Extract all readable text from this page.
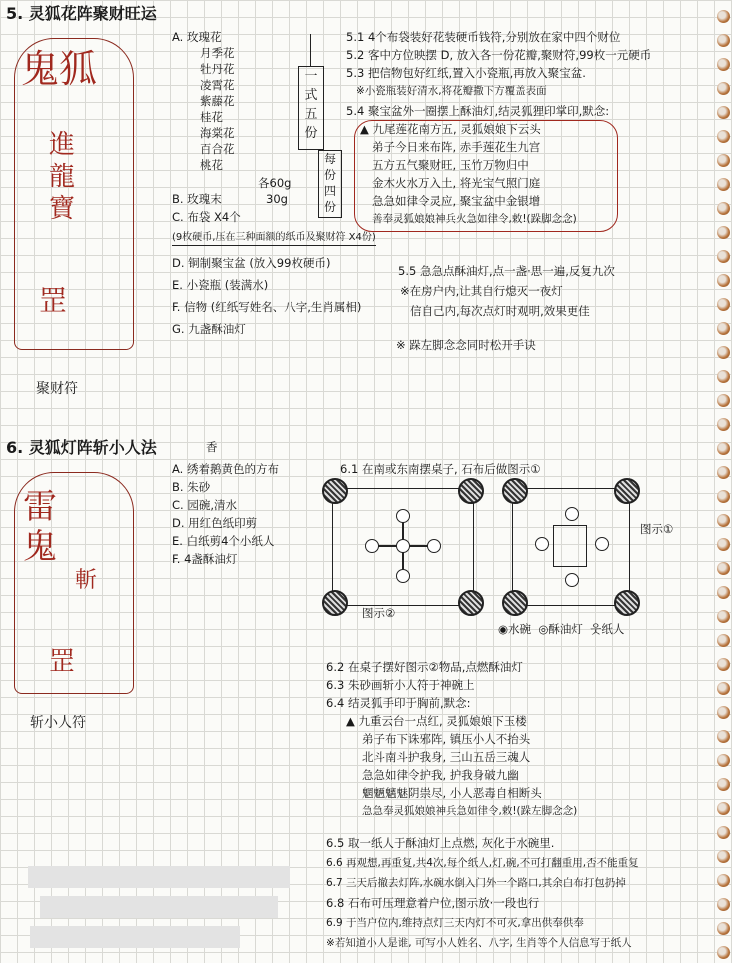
5. 灵狐花阵聚财旺运
鬼狐
進
龍
寶
罡
聚财符
A. 玫瑰花
月季花
牡丹花
凌霄花
紫藤花
桂花
海棠花
百合花
桃花
各60g
B. 玫瑰末	30g
C. 布袋 X4个
(9枚硬币,压在三种面额的纸币及聚财符 X4份)
D. 铜制聚宝盆 (放入99枚硬币)
E. 小瓷瓶 (装满水)
F. 信物 (红纸写姓名、八字,生肖属相)
G. 九盏酥油灯
一式五份
每份四份
5.1 4个布袋装好花装硬币钱符,分别放在家中四个财位
5.2 客中方位映摆 D, 放入各一份花瓣,聚财符,99枚一元硬币
5.3 把信物包好红纸,置入小瓷瓶,再放入聚宝盆.
※小瓷瓶装好清水,将花瓣撒下方覆盖表面
5.4 聚宝盆外一圈摆上酥油灯,结灵狐狸印掌印,默念:
▲ 九尾莲花南方五, 灵狐娘娘下云头
弟子今日来布阵, 赤手莲花生九宫
五方五气聚财旺, 玉竹万物归中
金木火水万入土, 将光宝气照门庭
急急如律令灵应, 聚宝盆中金银增
善奉灵狐娘娘神兵火急如律令,敕!(跺脚念念)
5.5 急急点酥油灯,点一盏·思一遍,反复九次
※在房户内,让其自行熄灭一夜灯
信自己内,每次点灯时观明,效果更佳
※ 跺左脚念念同时松开手诀
6. 灵狐灯阵斩小人法	香
雷
鬼
斬
罡
斩小人符
A. 绣着鹅黄色的方布
B. 朱砂
C. 园碗,清水
D. 用红色纸印剪
E. 白纸剪4个小纸人
F. 4盏酥油灯
6.1 在南或东南摆桌子, 石布后做图示①
图示②
图示①
◉水碗 ◎酥油灯 웃纸人
6.2 在桌子摆好图示②物品,点燃酥油灯
6.3 朱砂画斩小人符于神碗上
6.4 结灵狐手印于胸前,默念:
▲ 九重云台一点红, 灵狐娘娘下玉楼
弟子布下诛邪阵, 镇压小人不抬头
北斗南斗护我身, 三山五岳三魂人
急急如律令护我, 护我身破九幽
魍魉魑魅阴祟尽, 小人恶毒自相断头
急急奉灵狐娘娘神兵急如律令,敕!(跺左脚念念)
6.5 取一纸人于酥油灯上点燃, 灰化于水碗里.
6.6 再观想,再重复,共4次,每个纸人,灯,碗,不可打翻重用,否不能重复
6.7 三天后撤去灯阵,水碗水倒入门外一个路口,其余白布打包扔掉
6.8 石布可压理意着户位,图示放·一段也行
6.9 于当户位内,维持点灯三天内灯不可灭,拿出供奉供奉
※若知道小人是谁, 可写小人姓名、八字, 生肖等个人信息写于纸人
